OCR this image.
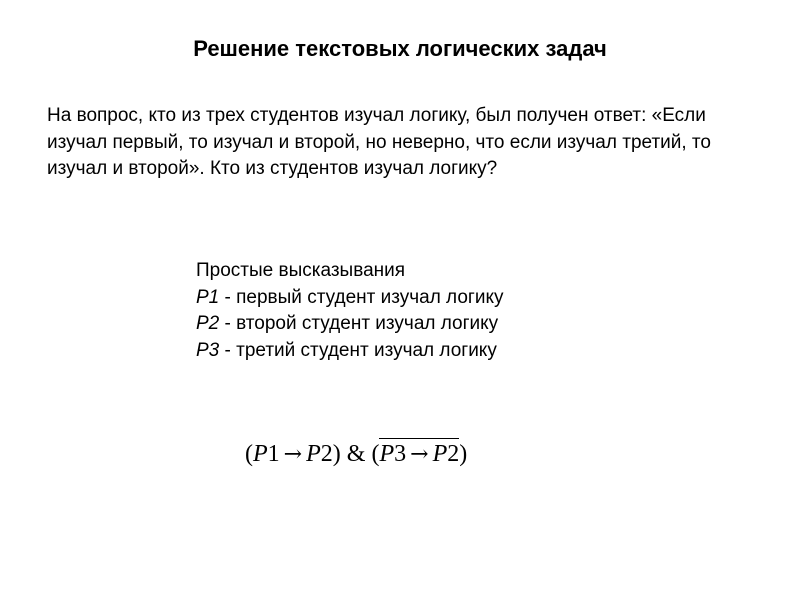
Решение текстовых логических задач
На вопрос, кто из трех студентов изучал логику, был получен ответ: «Если изучал первый, то изучал и второй, но неверно, что если изучал третий, то изучал и второй». Кто из студентов изучал логику?
Простые высказывания
P1 - первый студент изучал логику
P2 - второй студент изучал логику
P3 - третий студент изучал логику
(P1 → P2) & (P3 → P2)
